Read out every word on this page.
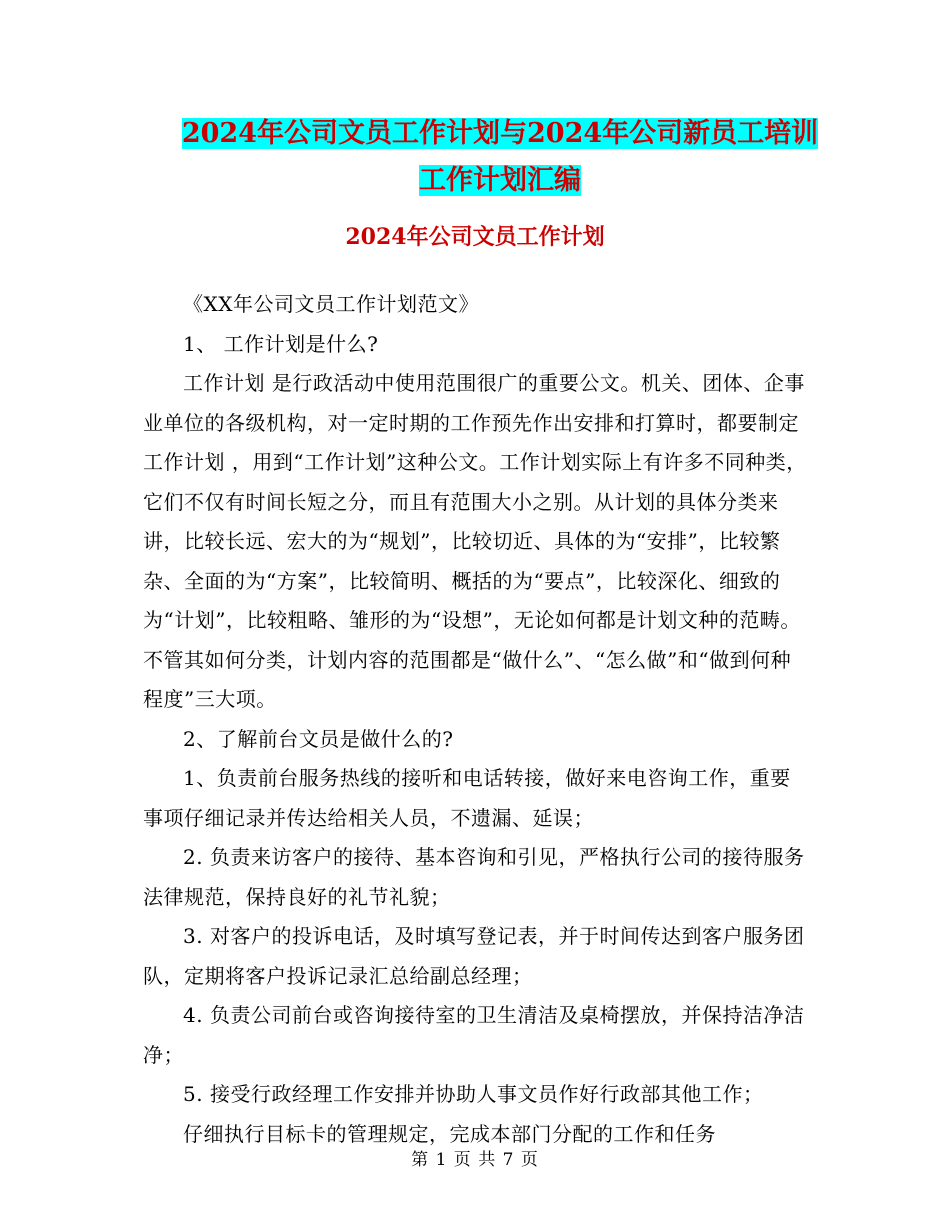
2024年公司文员工作计划与2024年公司新员工培训工作计划汇编
2024年公司文员工作计划

《XX年公司文员工作计划范文》

1、 工作计划是什么?

工作计划 是行政活动中使用范围很广的重要公文。机关、团体、企事业单位的各级机构，对一定时期的工作预先作出安排和打算时，都要制定 工作计划 ，用到“工作计划”这种公文。工作计划实际上有许多不同种类，它们不仅有时间长短之分，而且有范围大小之别。从计划的具体分类来讲，比较长远、宏大的为“规划”，比较切近、具体的为“安排”，比较繁杂、全面的为“方案”，比较简明、概括的为“要点”，比较深化、细致的为“计划”，比较粗略、雏形的为“设想”，无论如何都是计划文种的范畴。不管其如何分类，计划内容的范围都是“做什么”、“怎么做”和“做到何种程度”三大项。

2、了解前台文员是做什么的?

1、负责前台服务热线的接听和电话转接，做好来电咨询工作，重要事项仔细记录并传达给相关人员，不遗漏、延误；

2. 负责来访客户的接待、基本咨询和引见，严格执行公司的接待服务法律规范，保持良好的礼节礼貌；

3. 对客户的投诉电话，及时填写登记表，并于时间传达到客户服务团队，定期将客户投诉记录汇总给副总经理；

4. 负责公司前台或咨询接待室的卫生清洁及桌椅摆放，并保持洁净洁净；

5. 接受行政经理工作安排并协助人事文员作好行政部其他工作；

仔细执行目标卡的管理规定，完成本部门分配的工作和任务

第 1 页 共 7 页
